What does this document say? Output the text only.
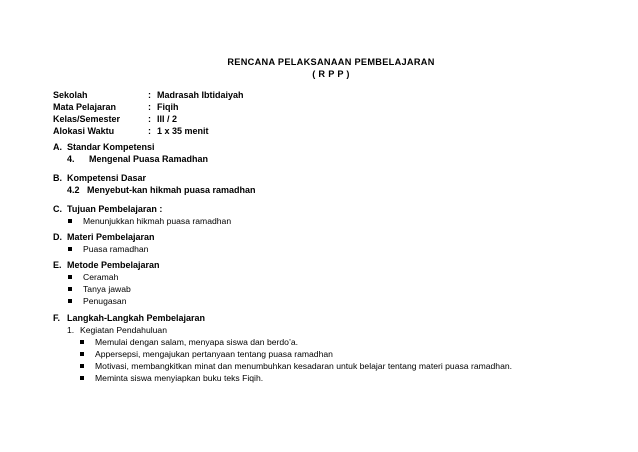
RENCANA PELAKSANAAN PEMBELAJARAN
( R P P )
Sekolah	: Madrasah Ibtidaiyah
Mata Pelajaran	: Fiqih
Kelas/Semester	: III / 2
Alokasi Waktu	: 1 x 35 menit
A. Standar Kompetensi
4. Mengenal Puasa Ramadhan
B. Kompetensi Dasar
4.2 Menyebut-kan hikmah puasa ramadhan
C. Tujuan Pembelajaran :
Menunjukkan hikmah puasa ramadhan
D. Materi Pembelajaran
Puasa ramadhan
E. Metode Pembelajaran
Ceramah
Tanya jawab
Penugasan
F. Langkah-Langkah Pembelajaran
1. Kegiatan Pendahuluan
Memulai dengan salam, menyapa siswa dan berdo’a.
Appersepsi, mengajukan pertanyaan tentang puasa ramadhan
Motivasi, membangkitkan minat dan menumbuhkan kesadaran untuk belajar tentang materi puasa ramadhan.
Meminta siswa menyiapkan buku teks Fiqih.
